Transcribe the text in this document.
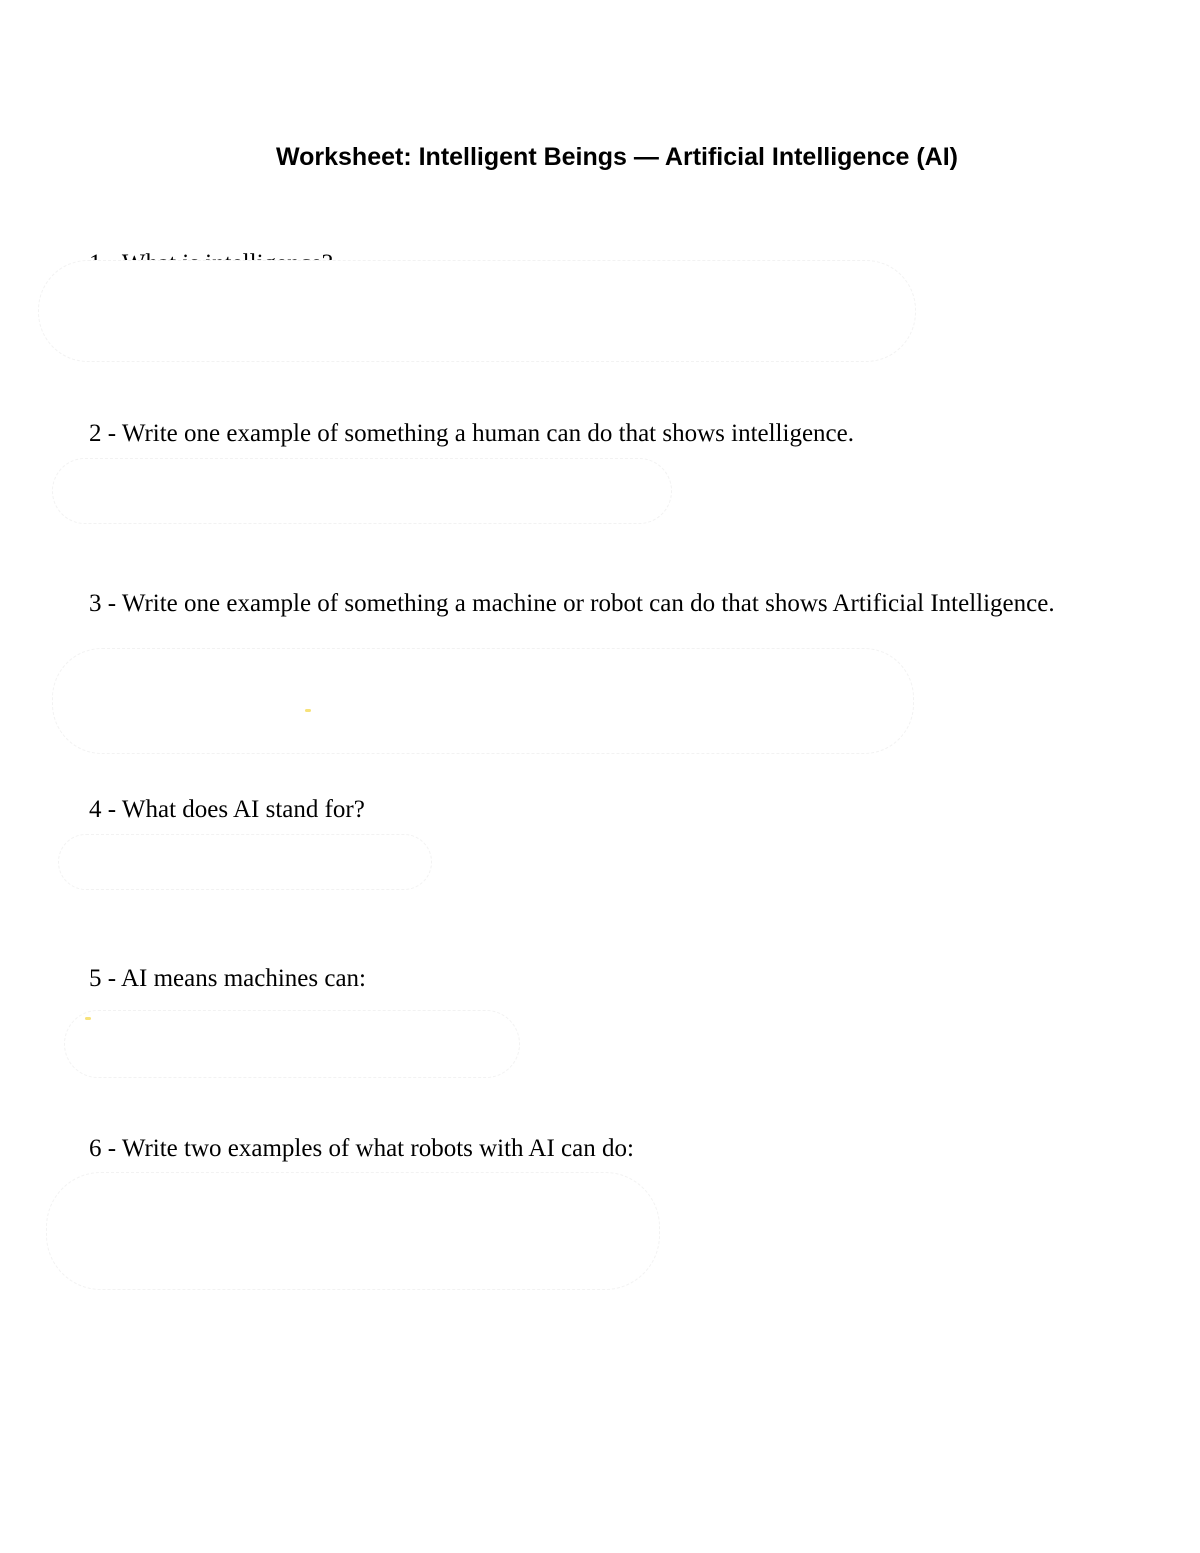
Worksheet: Intelligent Beings — Artificial Intelligence (AI)

2 - Write one example of something a human can do that shows intelligence.

3 - Write one example of something a machine or robot can do that shows Artificial Intelligence.

4 - What does AI stand for?

5 - AI means machines can:

6 - Write two examples of what robots with AI can do:
